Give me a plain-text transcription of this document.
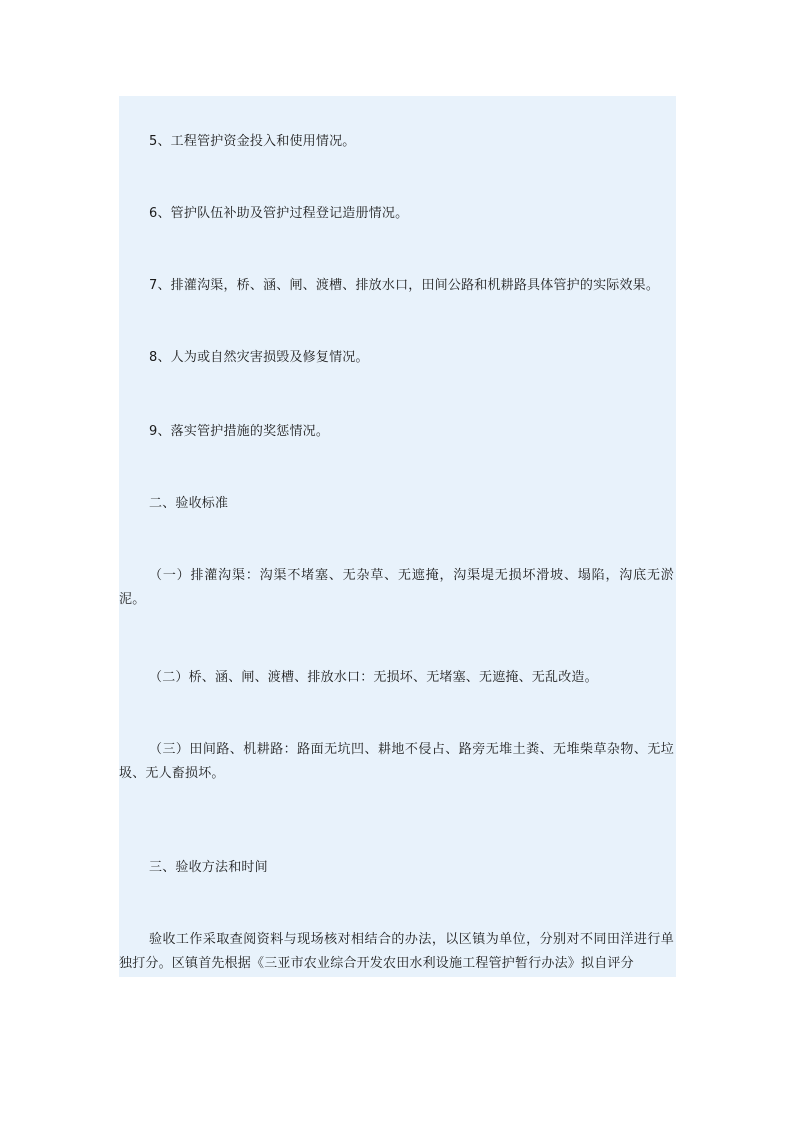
5、工程管护资金投入和使用情况。

6、管护队伍补助及管护过程登记造册情况。

7、排灌沟渠，桥、涵、闸、渡槽、排放水口，田间公路和机耕路具体管护的实际效果。

8、人为或自然灾害损毁及修复情况。

9、落实管护措施的奖惩情况。

二、验收标准

（一）排灌沟渠：沟渠不堵塞、无杂草、无遮掩，沟渠堤无损坏滑坡、塌陷，沟底无淤泥。

（二）桥、涵、闸、渡槽、排放水口：无损坏、无堵塞、无遮掩、无乱改造。

（三）田间路、机耕路：路面无坑凹、耕地不侵占、路旁无堆土粪、无堆柴草杂物、无垃圾、无人畜损坏。

三、验收方法和时间

验收工作采取查阅资料与现场核对相结合的办法，以区镇为单位，分别对不同田洋进行单独打分。区镇首先根据《三亚市农业综合开发农田水利设施工程管护暂行办法》拟自评分
